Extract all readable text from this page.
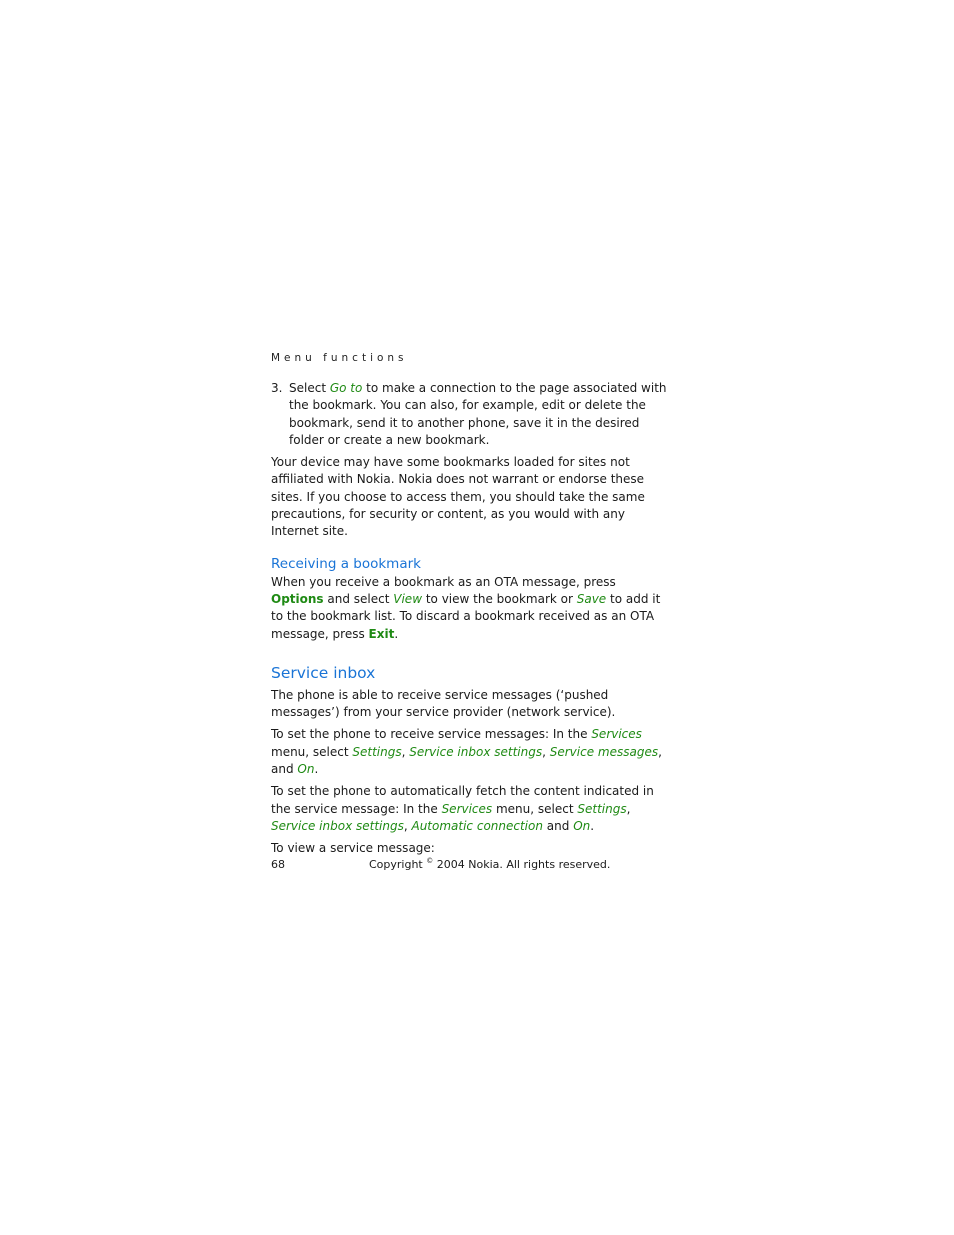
Menu functions
3. Select Go to to make a connection to the page associated with the bookmark. You can also, for example, edit or delete the bookmark, send it to another phone, save it in the desired folder or create a new bookmark.

Your device may have some bookmarks loaded for sites not affiliated with Nokia. Nokia does not warrant or endorse these sites. If you choose to access them, you should take the same precautions, for security or content, as you would with any Internet site.

Receiving a bookmark

When you receive a bookmark as an OTA message, press Options and select View to view the bookmark or Save to add it to the bookmark list. To discard a bookmark received as an OTA message, press Exit.

Service inbox

The phone is able to receive service messages (‘pushed messages’) from your service provider (network service).

To set the phone to receive service messages: In the Services menu, select Settings, Service inbox settings, Service messages, and On.

To set the phone to automatically fetch the content indicated in the service message: In the Services menu, select Settings, Service inbox settings, Automatic connection and On.

To view a service message:

68	Copyright © 2004 Nokia. All rights reserved.
